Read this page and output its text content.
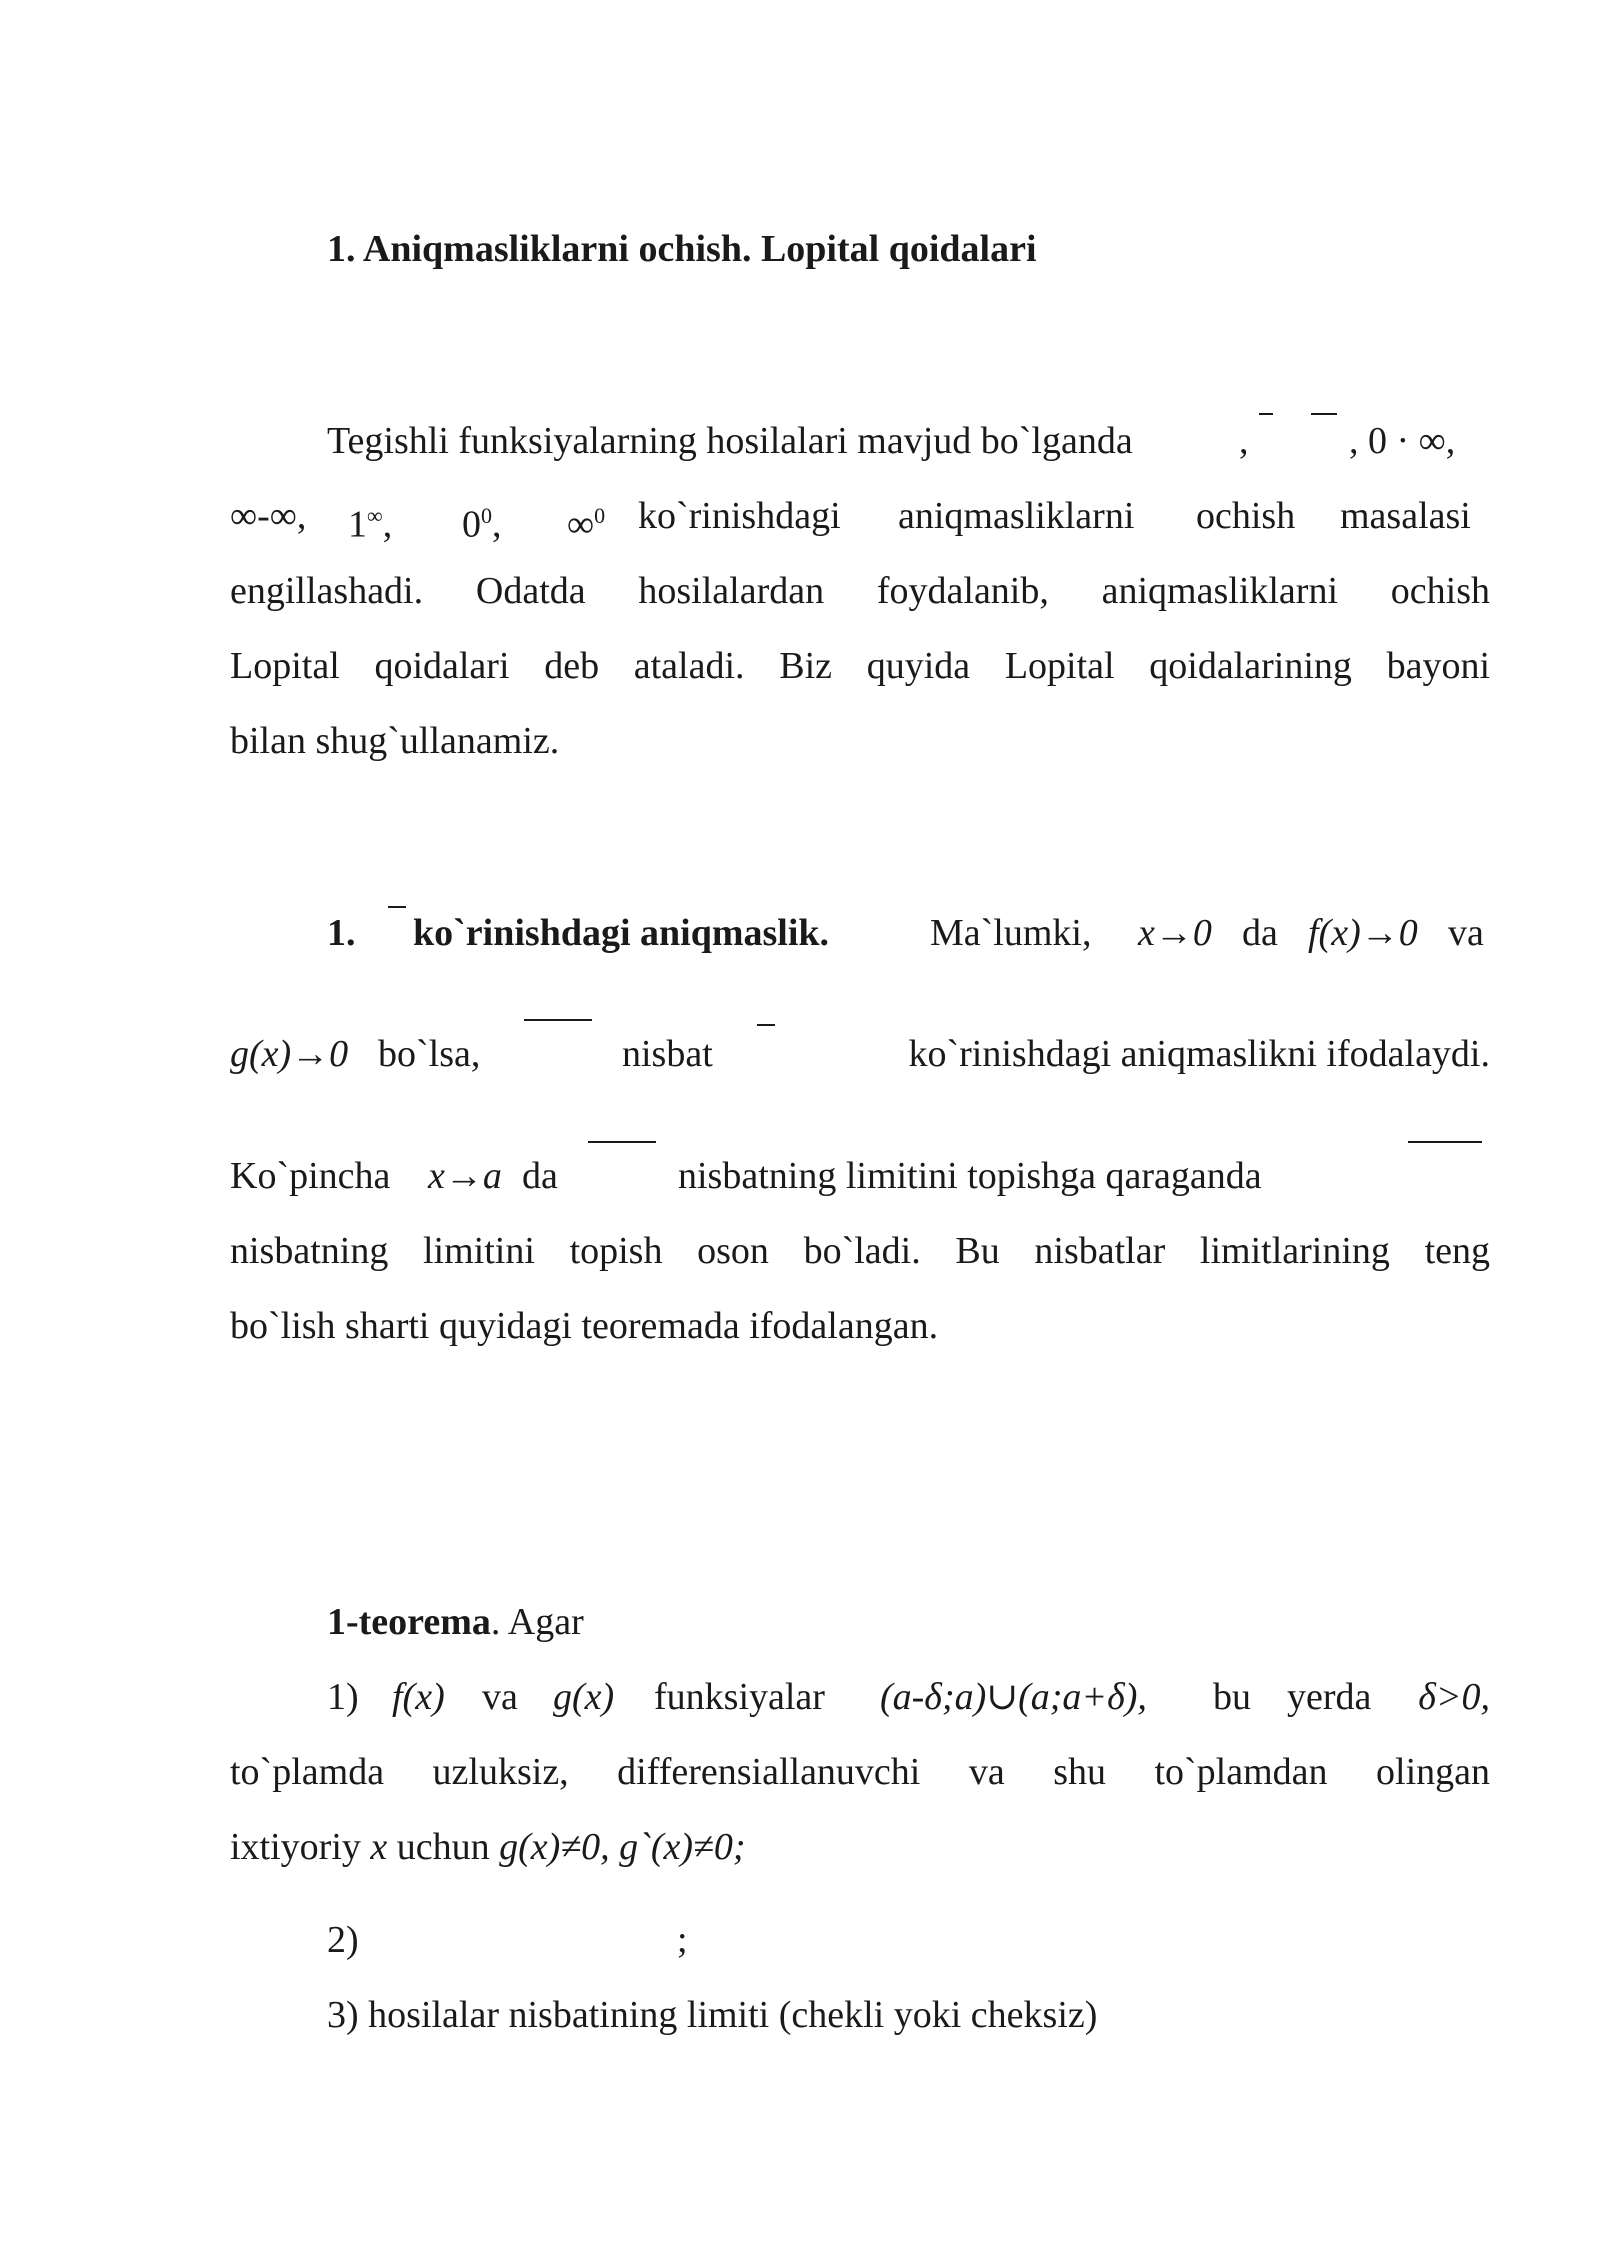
1. Aniqmasliklarni ochish. Lopital qoidalari
Tegishli funksiyalarning hosilalari mavjud bo`lganda	,	, 0 · ∞,
∞-∞, 1∞, $0^0$, ∞$^0$ ko`rinishdagi aniqmasliklarni ochish masalasi
engillashadi. Odatda hosilalardan foydalanib, aniqmasliklarni ochish
Lopital qoidalari deb ataladi. Biz quyida Lopital qoidalarining bayoni
bilan shug`ullanamiz.
1. ko`rinishdagi aniqmaslik.	Ma`lumki, x→0 da f(x)→0 va
g(x)→0 bo`lsa,	nisbat	ko`rinishdagi aniqmaslikni ifodalaydi.
Ko`pincha x→a da	nisbatning limitini topishga qaraganda
nisbatning limitini topish oson bo`ladi. Bu nisbatlar limitlarining teng
bo`lish sharti quyidagi teoremada ifodalangan.
1-teorema. Agar
1) f(x) va g(x) funksiyalar (a-δ;a)∪(a;a+δ), bu yerda δ>0,
to`plamda uzluksiz, differensiallanuvchi va shu to`plamdan olingan
ixtiyoriy x uchun g(x)≠0, g`(x)≠0;
2)	;
3) hosilalar nisbatining limiti (chekli yoki cheksiz)
